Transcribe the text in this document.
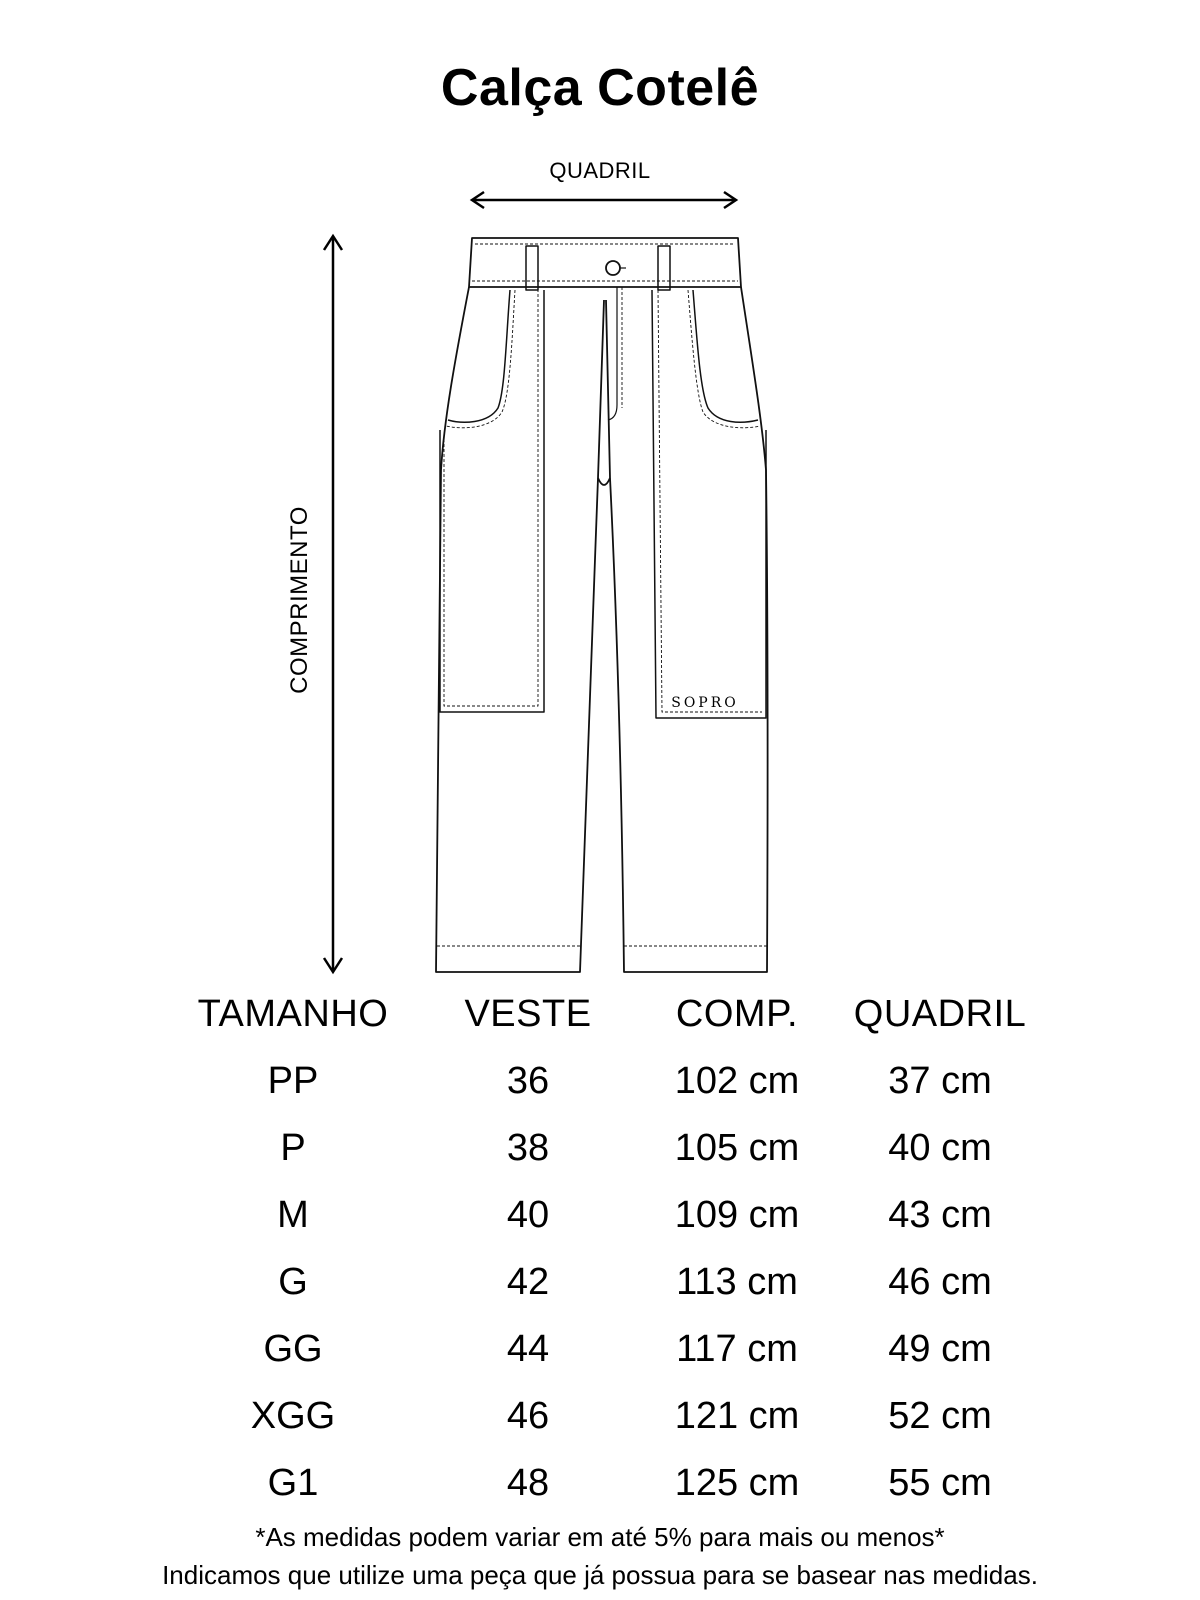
Calça Cotelê
QUADRIL
COMPRIMENTO
SOPRO
TAMANHO VESTE COMP. QUADRIL
PP	36	102 cm 37 cm
P	38	105 cm 40 cm
M	40	109 cm 43 cm
G	42	113 cm 46 cm
GG	44	117 cm 49 cm
XGG	46	121 cm 52 cm
G1	48	125 cm 55 cm
*As medidas podem variar em até 5% para mais ou menos*
Indicamos que utilize uma peça que já possua para se basear nas medidas.
